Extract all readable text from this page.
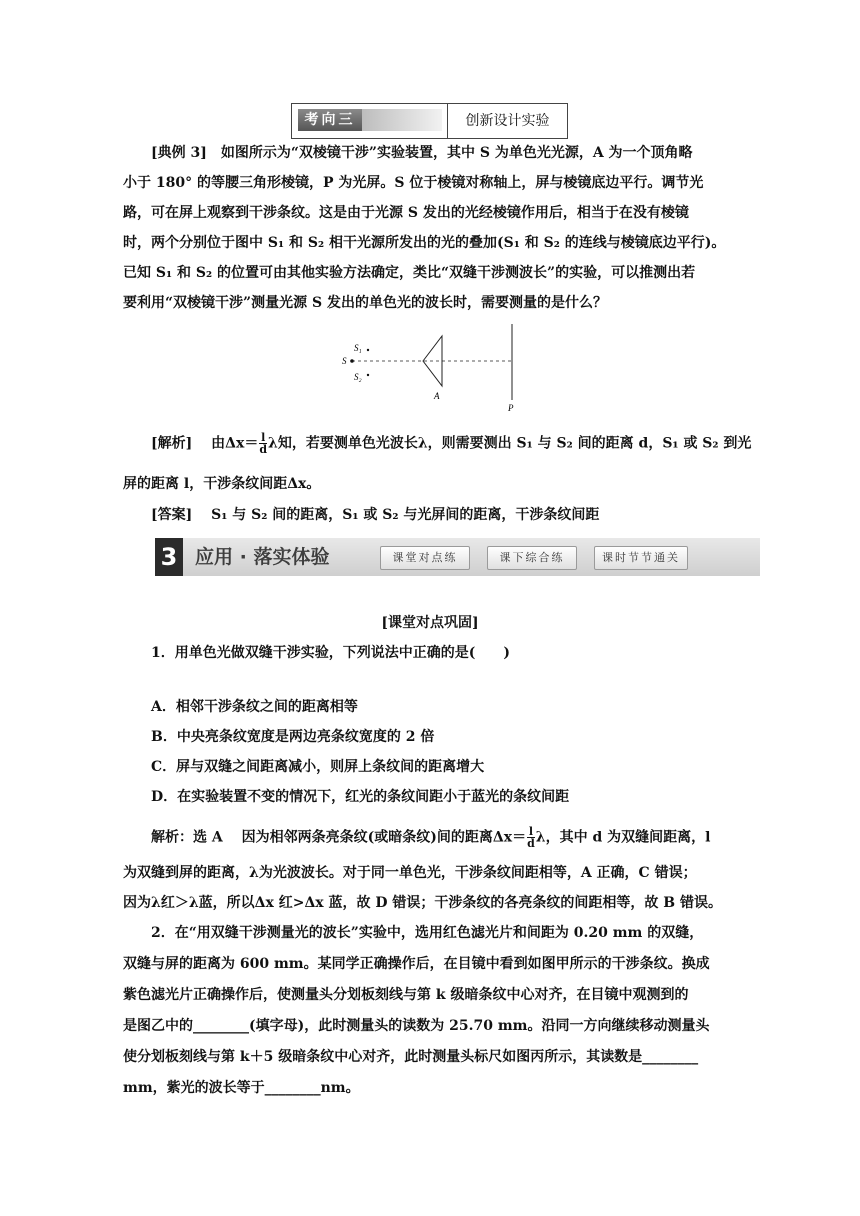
考向三	创新设计实验
[典例 3]　如图所示为“双棱镜干涉”实验装置，其中 S 为单色光光源，A 为一个顶角略
小于 180° 的等腰三角形棱镜，P 为光屏。S 位于棱镜对称轴上，屏与棱镜底边平行。调节光
路，可在屏上观察到干涉条纹。这是由于光源 S 发出的光经棱镜作用后，相当于在没有棱镜
时，两个分别位于图中 S₁ 和 S₂ 相干光源所发出的光的叠加(S₁ 和 S₂ 的连线与棱镜底边平行)。
已知 S₁ 和 S₂ 的位置可由其他实验方法确定，类比“双缝干涉测波长”的实验，可以推测出若
要利用“双棱镜干涉”测量光源 S 发出的单色光的波长时，需要测量的是什么？
S
S₁
S₂
A
P
[解析]　 由$\Delta x= \frac{l}{d}$ λ知，若要测单色光波长λ，则需要测出 S₁ 与 S₂ 间的距离 d，S₁ 或 S₂ 到光
屏的距离 l，干涉条纹间距Δx。
[答案]　 S₁ 与 S₂ 间的距离，S₁ 或 S₂ 与光屏间的距离，干涉条纹间距
3 应用 · 落实体验	课堂对点练	课下综合练	课时节节通关
[课堂对点巩固]
1．用单色光做双缝干涉实验，下列说法中正确的是(　　)
A．相邻干涉条纹之间的距离相等
B．中央亮条纹宽度是两边亮条纹宽度的 2 倍
C．屏与双缝之间距离减小，则屏上条纹间的距离增大
D．在实验装置不变的情况下，红光的条纹间距小于蓝光的条纹间距
解析：选 A　 因为相邻两条亮条纹(或暗条纹)间的距离$\Delta x= \frac{l}{d}$ λ，其中 d 为双缝间距离，l
为双缝到屏的距离，λ为光波波长。对于同一单色光，干涉条纹间距相等，A 正确，C 错误；
因为λ红＞λ蓝，所以Δx 红>Δx 蓝，故 D 错误；干涉条纹的各亮条纹的间距相等，故 B 错误。
2．在“用双缝干涉测量光的波长”实验中，选用红色滤光片和间距为 0.20 mm 的双缝，
双缝与屏的距离为 600 mm。某同学正确操作后，在目镜中看到如图甲所示的干涉条纹。换成
紫色滤光片正确操作后，使测量头分划板刻线与第 k 级暗条纹中心对齐，在目镜中观测到的
是图乙中的________(填字母)，此时测量头的读数为 25.70 mm。沿同一方向继续移动测量头
使分划板刻线与第 k＋5 级暗条纹中心对齐，此时测量头标尺如图丙所示，其读数是________
mm，紫光的波长等于________nm。
